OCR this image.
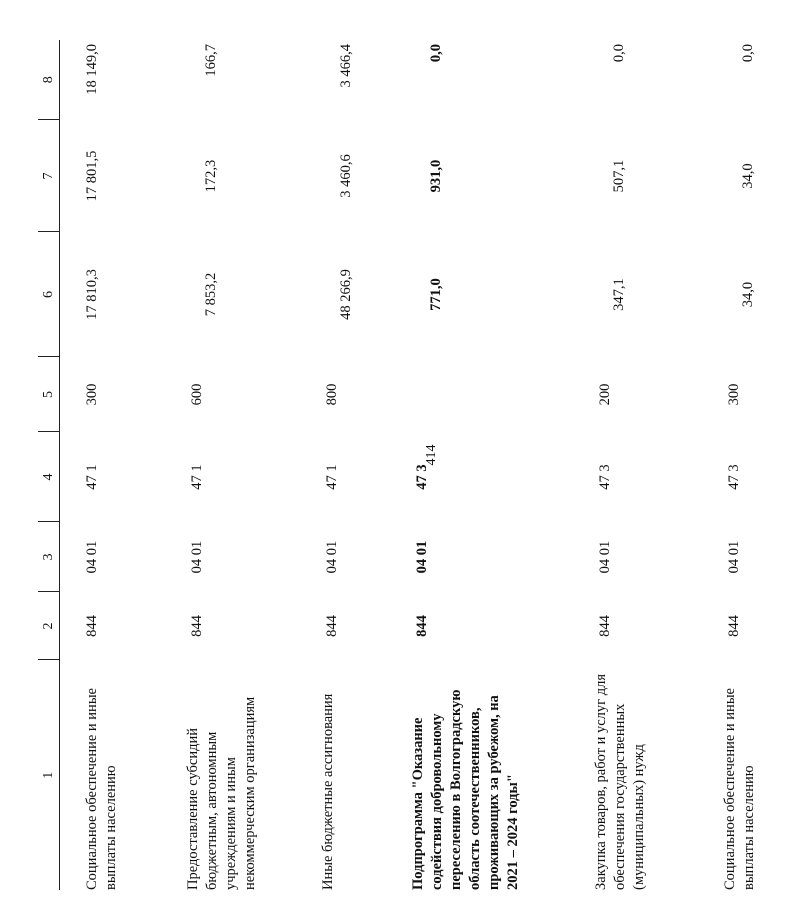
414
1	2	3	4	5	6	7	8
Социальное обеспечение и иные выплаты населению	844	04 01	47 1	300	17 810,3	17 801,5	18 149,0
Предоставление субсидий бюджетным, автономным учреждениям и иным некоммерческим организациям	844	04 01	47 1	600	7 853,2	172,3	166,7
Иные бюджетные ассигнования	844	04 01	47 1	800	48 266,9	3 460,6	3 466,4
Подпрограмма "Оказание содействия добровольному переселению в Волгоградскую область соотечественников, проживающих за рубежом, на 2021 – 2024 годы"	844	04 01	47 3		771,0	931,0	0,0
Закупка товаров, работ и услуг для обеспечения государственных (муниципальных) нужд	844	04 01	47 3	200	347,1	507,1	0,0
Социальное обеспечение и иные выплаты населению	844	04 01	47 3	300	34,0	34,0	0,0
